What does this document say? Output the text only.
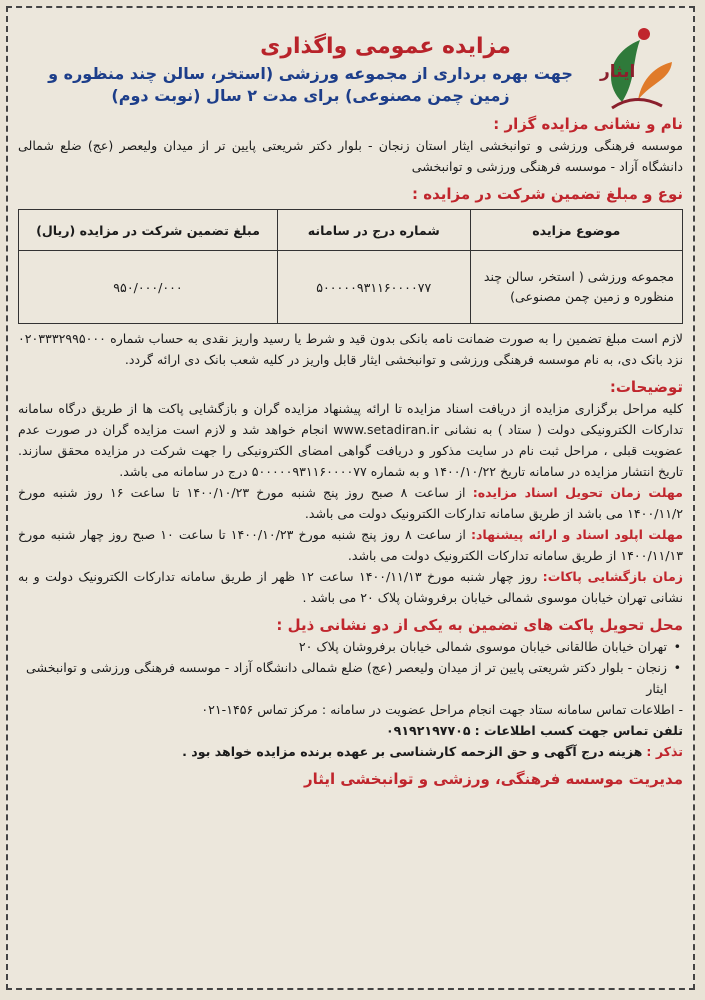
ایثار
مزایده عمومی واگذاری
جهت بهره برداری از مجموعه ورزشی (استخر، سالن چند منظوره و زمین چمن مصنوعی) برای مدت ۲ سال (نوبت دوم)
نام و نشانی مزایده گزار :
موسسه فرهنگی ورزشی و توانبخشی ایثار استان زنجان - بلوار دکتر شریعتی پایین تر از میدان ولیعصر (عج) ضلع شمالی دانشگاه آزاد - موسسه فرهنگی ورزشی و توانبخشی
نوع و مبلغ تضمین شرکت در مزایده :
موضوع مزایده	شماره درج در سامانه	مبلغ تضمین شرکت در مزایده (ریال)
مجموعه ورزشی ( استخر، سالن چند منظوره و زمین چمن مصنوعی)	۵۰۰۰۰۰۹۳۱۱۶۰۰۰۰۷۷	۹۵۰/۰۰۰/۰۰۰
لازم است مبلغ تضمین را به صورت ضمانت نامه بانکی بدون قید و شرط یا رسید واریز نقدی به حساب شماره ۰۲۰۳۳۳۲۹۹۵۰۰۰ نزد بانک دی، به نام موسسه فرهنگی ورزشی و توانبخشی ایثار قابل واریز در کلیه شعب بانک دی ارائه گردد.
توضیحات:
کلیه مراحل برگزاری مزایده از دریافت اسناد مزایده تا ارائه پیشنهاد مزایده گران و بازگشایی پاکت ها از طریق درگاه سامانه تدارکات الکترونیکی دولت ( ستاد ) به نشانی www.setadiran.ir انجام خواهد شد و لازم است مزایده گران در صورت عدم عضویت قبلی ، مراحل ثبت نام در سایت مذکور و دریافت گواهی امضای الکترونیکی را جهت شرکت در مزایده محقق سازند. تاریخ انتشار مزایده در سامانه تاریخ ۱۴۰۰/۱۰/۲۲ و به شماره ۵۰۰۰۰۰۹۳۱۱۶۰۰۰۰۷۷ درج در سامانه می باشد.
مهلت زمان تحویل اسناد مزایده: از ساعت ۸ صبح روز پنج شنبه مورخ ۱۴۰۰/۱۰/۲۳ تا ساعت ۱۶ روز شنبه مورخ ۱۴۰۰/۱۱/۲ می باشد از طریق سامانه تدارکات الکترونیک دولت می باشد.
مهلت اپلود اسناد و ارائه پیشنهاد: از ساعت ۸ روز پنج شنبه مورخ ۱۴۰۰/۱۰/۲۳ تا ساعت ۱۰ صبح روز چهار شنبه مورخ ۱۴۰۰/۱۱/۱۳ از طریق سامانه تدارکات الکترونیک دولت می باشد.
زمان بازگشایی پاکات: روز چهار شنبه مورخ ۱۴۰۰/۱۱/۱۳ ساعت ۱۲ ظهر از طریق سامانه تدارکات الکترونیک دولت و به نشانی تهران خیابان موسوی شمالی خیابان برفروشان پلاک ۲۰ می باشد .
محل تحویل پاکت های تضمین به یکی از دو نشانی ذیل :
• تهران خیابان طالقانی خیابان موسوی شمالی خیابان برفروشان پلاک ۲۰
• زنجان - بلوار دکتر شریعتی پایین تر از میدان ولیعصر (عج) ضلع شمالی دانشگاه آزاد - موسسه فرهنگی ورزشی و توانبخشی ایثار
- اطلاعات تماس سامانه ستاد جهت انجام مراحل عضویت در سامانه : مرکز تماس ۱۴۵۶-۰۲۱
تلفن تماس جهت کسب اطلاعات : ۰۹۱۹۲۱۹۷۷۰۵
تذکر : هزینه درج آگهی و حق الزحمه کارشناسی بر عهده برنده مزایده خواهد بود .
مدیریت موسسه فرهنگی، ورزشی و توانبخشی ایثار
